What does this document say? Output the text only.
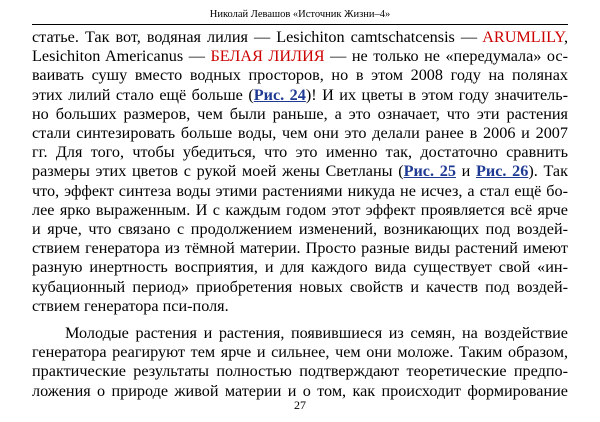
Николай Левашов «Источник Жизни–4»
статье. Так вот, водяная лилия — Lesichiton camtschatcensis — ARUMLILY,
Lesichiton Americanus — БЕЛАЯ ЛИЛИЯ — не только не «передумала» ос-
ваивать сушу вместо водных просторов, но в этом 2008 году на полянах
этих лилий стало ещё больше (Рис. 24)! И их цветы в этом году значитель-
но больших размеров, чем были раньше, а это означает, что эти растения
стали синтезировать больше воды, чем они это делали ранее в 2006 и 2007
гг. Для того, чтобы убедиться, что это именно так, достаточно сравнить
размеры этих цветов с рукой моей жены Светланы (Рис. 25 и Рис. 26). Так
что, эффект синтеза воды этими растениями никуда не исчез, а стал ещё бо-
лее ярко выраженным. И с каждым годом этот эффект проявляется всё ярче
и ярче, что связано с продолжением изменений, возникающих под воздей-
ствием генератора из тёмной материи. Просто разные виды растений имеют
разную инертность восприятия, и для каждого вида существует свой «ин-
кубационный период» приобретения новых свойств и качеств под воздей-
ствием генератора пси-поля.
Молодые растения и растения, появившиеся из семян, на воздействие
генератора реагируют тем ярче и сильнее, чем они моложе. Таким образом,
практические результаты полностью подтверждают теоретические предпо-
ложения о природе живой материи и о том, как происходит формирование
27
